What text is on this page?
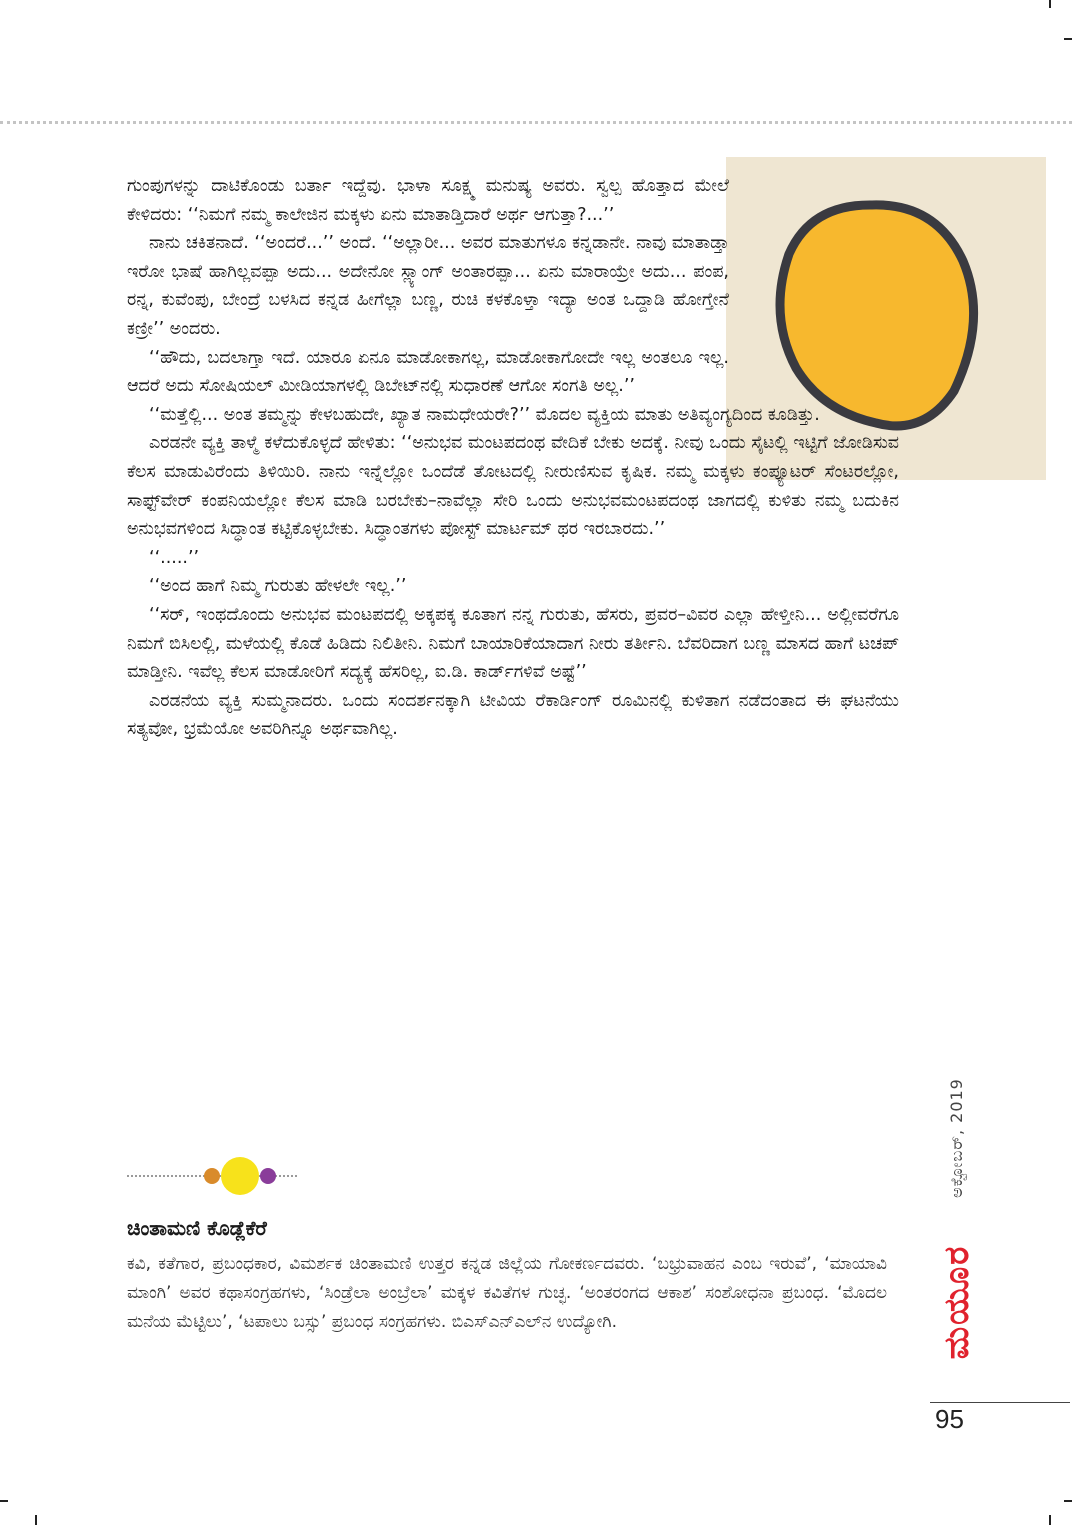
ಗುಂಪುಗಳನ್ನು ದಾಟಿಕೊಂಡು ಬರ್ತಾ ಇದ್ದೆವು. ಭಾಳಾ ಸೂಕ್ಷ್ಮ ಮನುಷ್ಯ ಅವರು. ಸ್ವಲ್ಪ ಹೊತ್ತಾದ ಮೇಲೆ ಕೇಳಿದರು: ‘‘ನಿಮಗೆ ನಮ್ಮ ಕಾಲೇಜಿನ ಮಕ್ಕಳು ಏನು ಮಾತಾಡ್ತಿದಾರೆ ಅರ್ಥ ಆಗುತ್ತಾ?...’’

ನಾನು ಚಕಿತನಾದೆ. ‘‘ಅಂದರೆ...’’ ಅಂದೆ. ‘‘ಅಲ್ಲಾರೀ... ಅವರ ಮಾತುಗಳೂ ಕನ್ನಡಾನೇ. ನಾವು ಮಾತಾಡ್ತಾ ಇರೋ ಭಾಷೆ ಹಾಗಿಲ್ಲವಪ್ಪಾ ಅದು... ಅದೇನೋ ಸ್ಲ್ಯಾಂಗ್ ಅಂತಾರಪ್ಪಾ... ಏನು ಮಾರಾಯ್ರೇ ಅದು... ಪಂಪ, ರನ್ನ, ಕುವೆಂಪು, ಬೇಂದ್ರೆ ಬಳಸಿದ ಕನ್ನಡ ಹೀಗೆಲ್ಲಾ ಬಣ್ಣ, ರುಚಿ ಕಳಕೊಳ್ತಾ ಇದ್ಯಾ ಅಂತ ಒದ್ದಾಡಿ ಹೋಗ್ತೇನೆ ಕಣ್ರೀ’’ ಅಂದರು.

‘‘ಹೌದು, ಬದಲಾಗ್ತಾ ಇದೆ. ಯಾರೂ ಏನೂ ಮಾಡೋಕಾಗಲ್ಲ, ಮಾಡೋಕಾಗೋದೇ ಇಲ್ಲ ಅಂತಲೂ ಇಲ್ಲ. ಆದರೆ ಅದು ಸೋಷಿಯಲ್ ಮೀಡಿಯಾಗಳಲ್ಲಿ ಡಿಬೇಟ್‌ನಲ್ಲಿ ಸುಧಾರಣೆ ಆಗೋ ಸಂಗತಿ ಅಲ್ಲ.’’

‘‘ಮತ್ತೆಲ್ಲಿ... ಅಂತ ತಮ್ಮನ್ನು ಕೇಳಬಹುದೇ, ಖ್ಯಾತ ನಾಮಧೇಯರೇ?’’ ಮೊದಲ ವ್ಯಕ್ತಿಯ ಮಾತು ಅತಿವ್ಯಂಗ್ಯದಿಂದ ಕೂಡಿತ್ತು.

ಎರಡನೇ ವ್ಯಕ್ತಿ ತಾಳ್ಮೆ ಕಳೆದುಕೊಳ್ಳದೆ ಹೇಳಿತು: ‘‘ಅನುಭವ ಮಂಟಪದಂಥ ವೇದಿಕೆ ಬೇಕು ಅದಕ್ಕೆ. ನೀವು ಒಂದು ಸೈಟಲ್ಲಿ ಇಟ್ಟಿಗೆ ಜೋಡಿಸುವ ಕೆಲಸ ಮಾಡುವಿರೆಂದು ತಿಳಿಯಿರಿ. ನಾನು ಇನ್ನೆಲ್ಲೋ ಒಂದೆಡೆ ತೋಟದಲ್ಲಿ ನೀರುಣಿಸುವ ಕೃಷಿಕ. ನಮ್ಮ ಮಕ್ಕಳು ಕಂಪ್ಯೂಟರ್ ಸೆಂಟರಲ್ಲೋ, ಸಾಫ್ಟ್‌ವೇರ್ ಕಂಪನಿಯಲ್ಲೋ ಕೆಲಸ ಮಾಡಿ ಬರಬೇಕು–ನಾವೆಲ್ಲಾ ಸೇರಿ ಒಂದು ಅನುಭವಮಂಟಪದಂಥ ಜಾಗದಲ್ಲಿ ಕುಳಿತು ನಮ್ಮ ಬದುಕಿನ ಅನುಭವಗಳಿಂದ ಸಿದ್ಧಾಂತ ಕಟ್ಟಿಕೊಳ್ಳಬೇಕು. ಸಿದ್ಧಾಂತಗಳು ಪೋಸ್ಟ್ ಮಾರ್ಟಮ್ ಥರ ಇರಬಾರದು.’’

‘‘.....’’

‘‘ಅಂದ ಹಾಗೆ ನಿಮ್ಮ ಗುರುತು ಹೇಳಲೇ ಇಲ್ಲ.’’

‘‘ಸರ್, ಇಂಥದೊಂದು ಅನುಭವ ಮಂಟಪದಲ್ಲಿ ಅಕ್ಕಪಕ್ಕ ಕೂತಾಗ ನನ್ನ ಗುರುತು, ಹೆಸರು, ಪ್ರವರ–ವಿವರ ಎಲ್ಲಾ ಹೇಳ್ತೀನಿ... ಅಲ್ಲೀವರೆಗೂ ನಿಮಗೆ ಬಿಸಿಲಲ್ಲಿ, ಮಳೆಯಲ್ಲಿ ಕೊಡೆ ಹಿಡಿದು ನಿಲಿತೀನಿ. ನಿಮಗೆ ಬಾಯಾರಿಕೆಯಾದಾಗ ನೀರು ತರ್ತೀನಿ. ಬೆವರಿದಾಗ ಬಣ್ಣ ಮಾಸದ ಹಾಗೆ ಟಚಪ್ ಮಾಡ್ತೀನಿ. ಇವೆಲ್ಲ ಕೆಲಸ ಮಾಡೋರಿಗೆ ಸದ್ಯಕ್ಕೆ ಹೆಸರಿಲ್ಲ, ಐ.ಡಿ. ಕಾರ್ಡ್‌ಗಳಿವೆ ಅಷ್ಟೆ’’

ಎರಡನೆಯ ವ್ಯಕ್ತಿ ಸುಮ್ಮನಾದರು. ಒಂದು ಸಂದರ್ಶನಕ್ಕಾಗಿ ಟೀವಿಯ ರೆಕಾರ್ಡಿಂಗ್ ರೂಮಿನಲ್ಲಿ ಕುಳಿತಾಗ ನಡೆದಂತಾದ ಈ ಘಟನೆಯು ಸತ್ಯವೋ, ಭ್ರಮೆಯೋ ಅವರಿಗಿನ್ನೂ ಅರ್ಥವಾಗಿಲ್ಲ.

ಚಿಂತಾಮಣಿ ಕೊಡ್ಲೆಕೆರೆ

ಕವಿ, ಕತೆಗಾರ, ಪ್ರಬಂಧಕಾರ, ವಿಮರ್ಶಕ ಚಿಂತಾಮಣಿ ಉತ್ತರ ಕನ್ನಡ ಜಿಲ್ಲೆಯ ಗೋಕರ್ಣದವರು. ‘ಬಭ್ರುವಾಹನ ಎಂಬ ಇರುವೆ’, ‘ಮಾಯಾವಿ ಮಾಂಗಿ’ ಅವರ ಕಥಾಸಂಗ್ರಹಗಳು, ‘ಸಿಂಡ್ರೆಲಾ ಅಂಬ್ರೆಲಾ’ ಮಕ್ಕಳ ಕವಿತೆಗಳ ಗುಚ್ಛ. ‘ಅಂತರಂಗದ ಆಕಾಶ’ ಸಂಶೋಧನಾ ಪ್ರಬಂಧ. ‘ಮೊದಲ ಮನೆಯ ಮೆಟ್ಟಿಲು’, ‘ಟಪಾಲು ಬಸ್ಸು’ ಪ್ರಬಂಧ ಸಂಗ್ರಹಗಳು. ಬಿಎಸ್‌ಎನ್‌ಎಲ್‌ನ ಉದ್ಯೋಗಿ.

ಅಕ್ಟೋಬರ್, 2019
ಮಯೂರ

95
